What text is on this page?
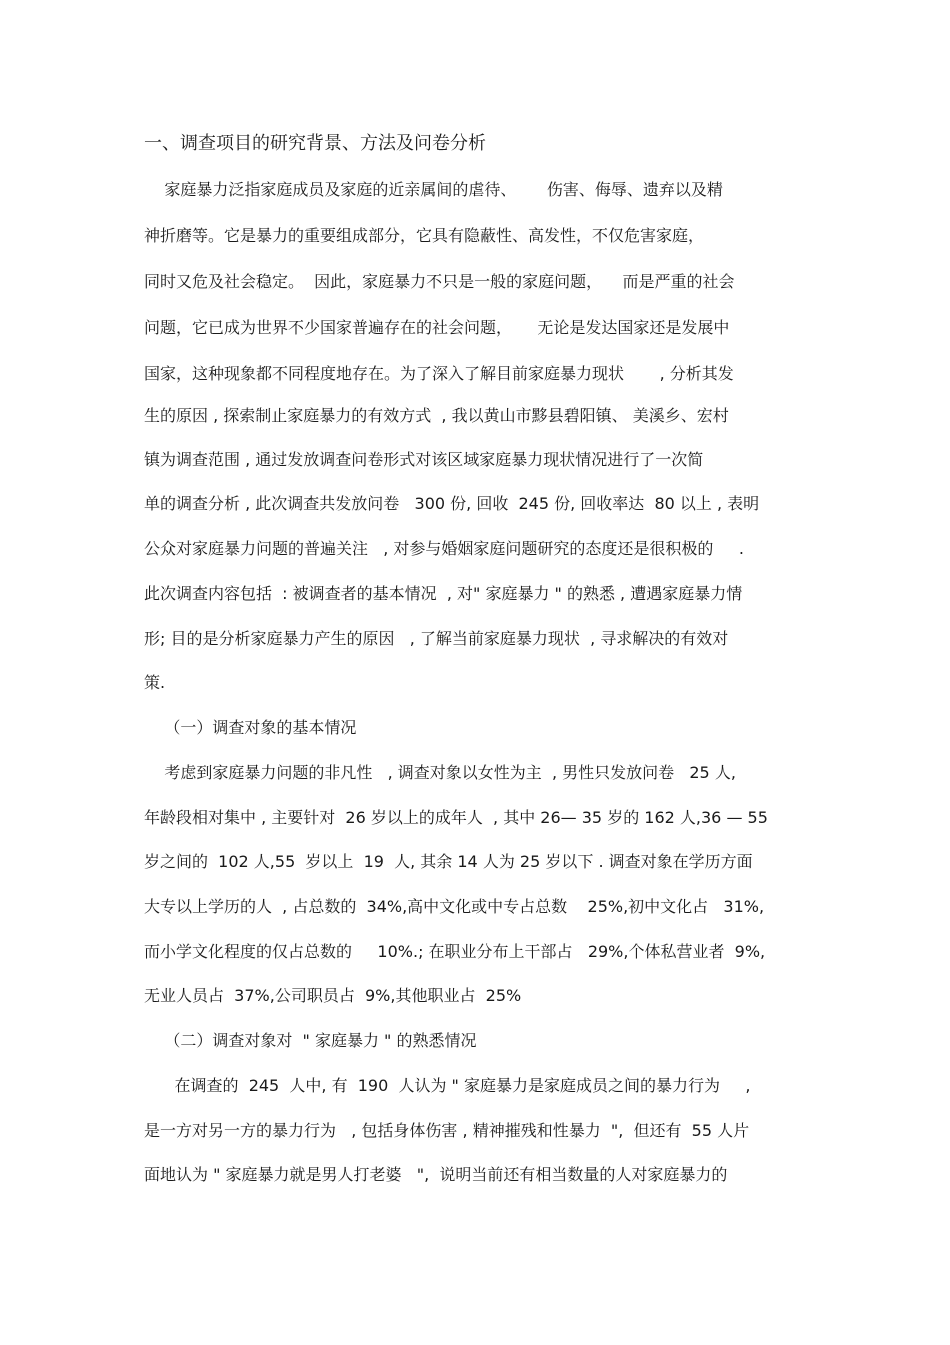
一、调查项目的研究背景、方法及问卷分析
家庭暴力泛指家庭成员及家庭的近亲属间的虐待、      伤害、侮辱、遗弃以及精
神折磨等。它是暴力的重要组成部分，它具有隐蔽性、高发性，不仅危害家庭，
同时又危及社会稳定。  因此，家庭暴力不只是一般的家庭问题，    而是严重的社会
问题，它已成为世界不少国家普遍存在的社会问题，     无论是发达国家还是发展中
国家，这种现象都不同程度地存在。为了深入了解目前家庭暴力现状       , 分析其发
生的原因 , 探索制止家庭暴力的有效方式  , 我以黄山市黟县碧阳镇、 美溪乡、宏村
镇为调查范围 , 通过发放调查问卷形式对该区域家庭暴力现状情况进行了一次简
单的调查分析 , 此次调查共发放问卷   300 份, 回收  245 份, 回收率达  80 以上 , 表明
公众对家庭暴力问题的普遍关注   , 对参与婚姻家庭问题研究的态度还是很积极的     .
此次调查内容包括  : 被调查者的基本情况  , 对" 家庭暴力 " 的熟悉 , 遭遇家庭暴力情
形; 目的是分析家庭暴力产生的原因   , 了解当前家庭暴力现状  , 寻求解决的有效对
策.
（一）调查对象的基本情况
考虑到家庭暴力问题的非凡性   , 调查对象以女性为主  , 男性只发放问卷   25 人,
年龄段相对集中 , 主要针对  26 岁以上的成年人  , 其中 26— 35 岁的 162 人,36 — 55
岁之间的  102 人,55  岁以上  19  人, 其余 14 人为 25 岁以下 . 调查对象在学历方面
大专以上学历的人  , 占总数的  34%,高中文化或中专占总数    25%,初中文化占   31%,
而小学文化程度的仅占总数的     10%.; 在职业分布上干部占   29%,个体私营业者  9%,
无业人员占  37%,公司职员占  9%,其他职业占  25%
（二）调查对象对  " 家庭暴力 " 的熟悉情况
在调查的  245  人中, 有  190  人认为 " 家庭暴力是家庭成员之间的暴力行为     ,
是一方对另一方的暴力行为   , 包括身体伤害 , 精神摧残和性暴力  ",  但还有  55 人片
面地认为 " 家庭暴力就是男人打老婆   ",  说明当前还有相当数量的人对家庭暴力的
